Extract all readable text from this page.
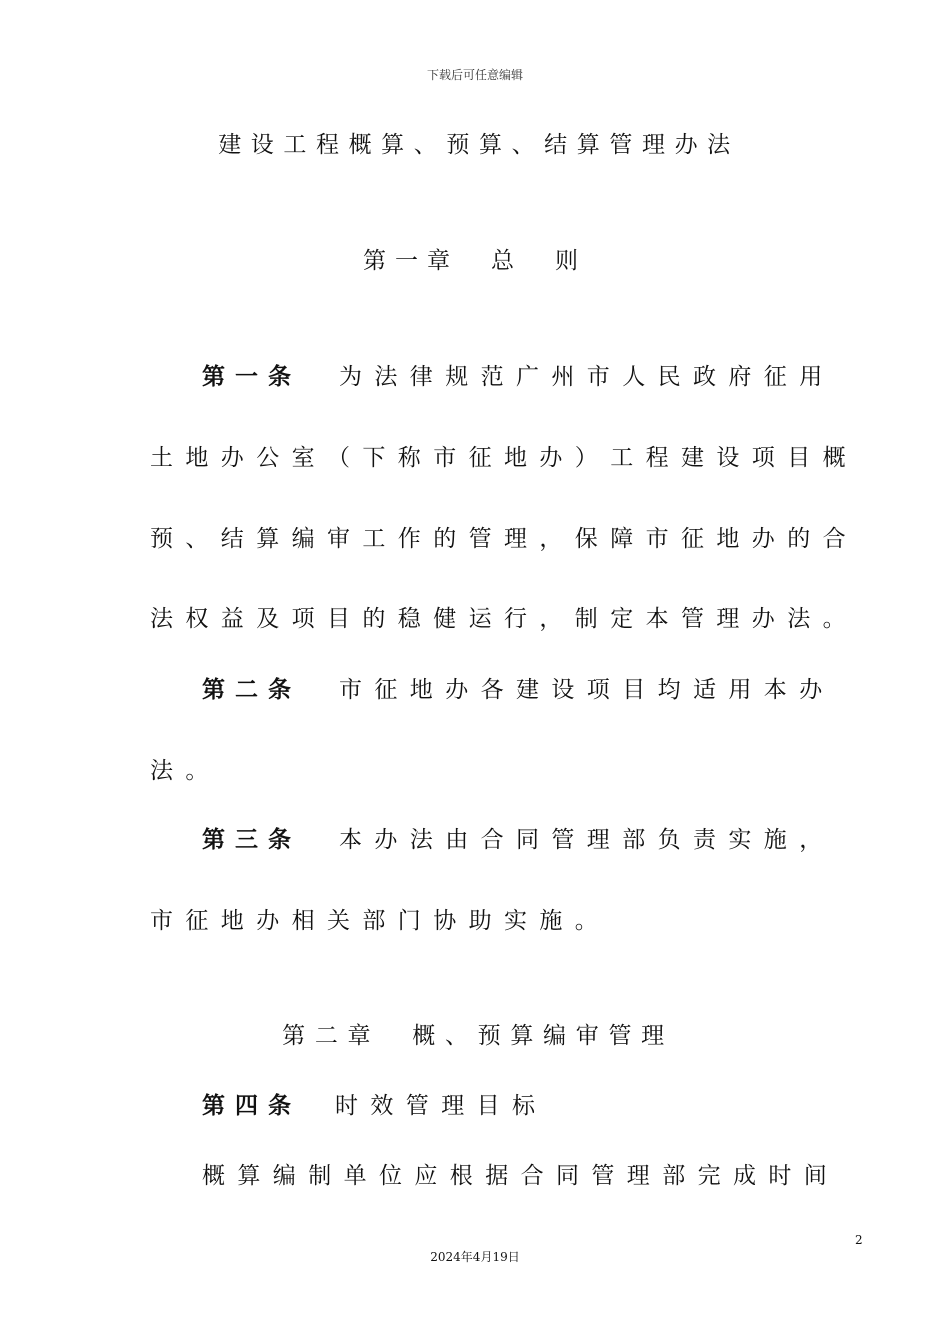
下载后可任意编辑
建设工程概算、预算、结算管理办法
第一章 总　则
第一条 为法律规范广州市人民政府征用
土地办公室（下称市征地办）工程建设项目概
预、结算编审工作的管理，保障市征地办的合
法权益及项目的稳健运行，制定本管理办法。
第二条 市征地办各建设项目均适用本办
法。
第三条 本办法由合同管理部负责实施，
市征地办相关部门协助实施。
第二章 概、预算编审管理
第四条 时效管理目标
概算编制单位应根据合同管理部完成时间
2
2024年4月19日
